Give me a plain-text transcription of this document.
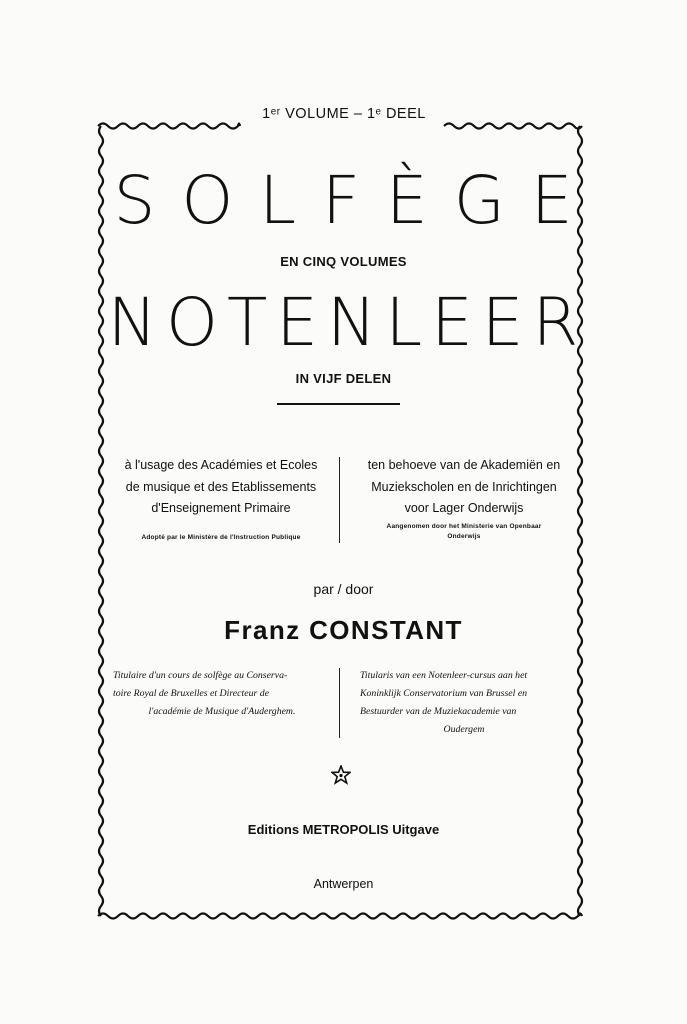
1ᵉʳ VOLUME – 1ᵉ DEEL
SOLFÈGE
EN CINQ VOLUMES
NOTENLEER
IN VIJF DELEN
à l'usage des Académies et Ecoles
de musique et des Etablissements
d'Enseignement Primaire
Adopté par le Ministère de l'Instruction Publique
ten behoeve van de Akademiën en
Muziekscholen en de Inrichtingen
voor Lager Onderwijs
Aangenomen door het Ministerie van Openbaar
Onderwijs
par / door
Franz CONSTANT
Titulaire d'un cours de solfège au Conserva-
toire Royal de Bruxelles et Directeur de
l'académie de Musique d'Auderghem.
Titularis van een Notenleer-cursus aan het
Koninklijk Conservatorium van Brussel en
Bestuurder van de Muziekacademie van
Oudergem
Editions METROPOLIS Uitgave
Antwerpen
